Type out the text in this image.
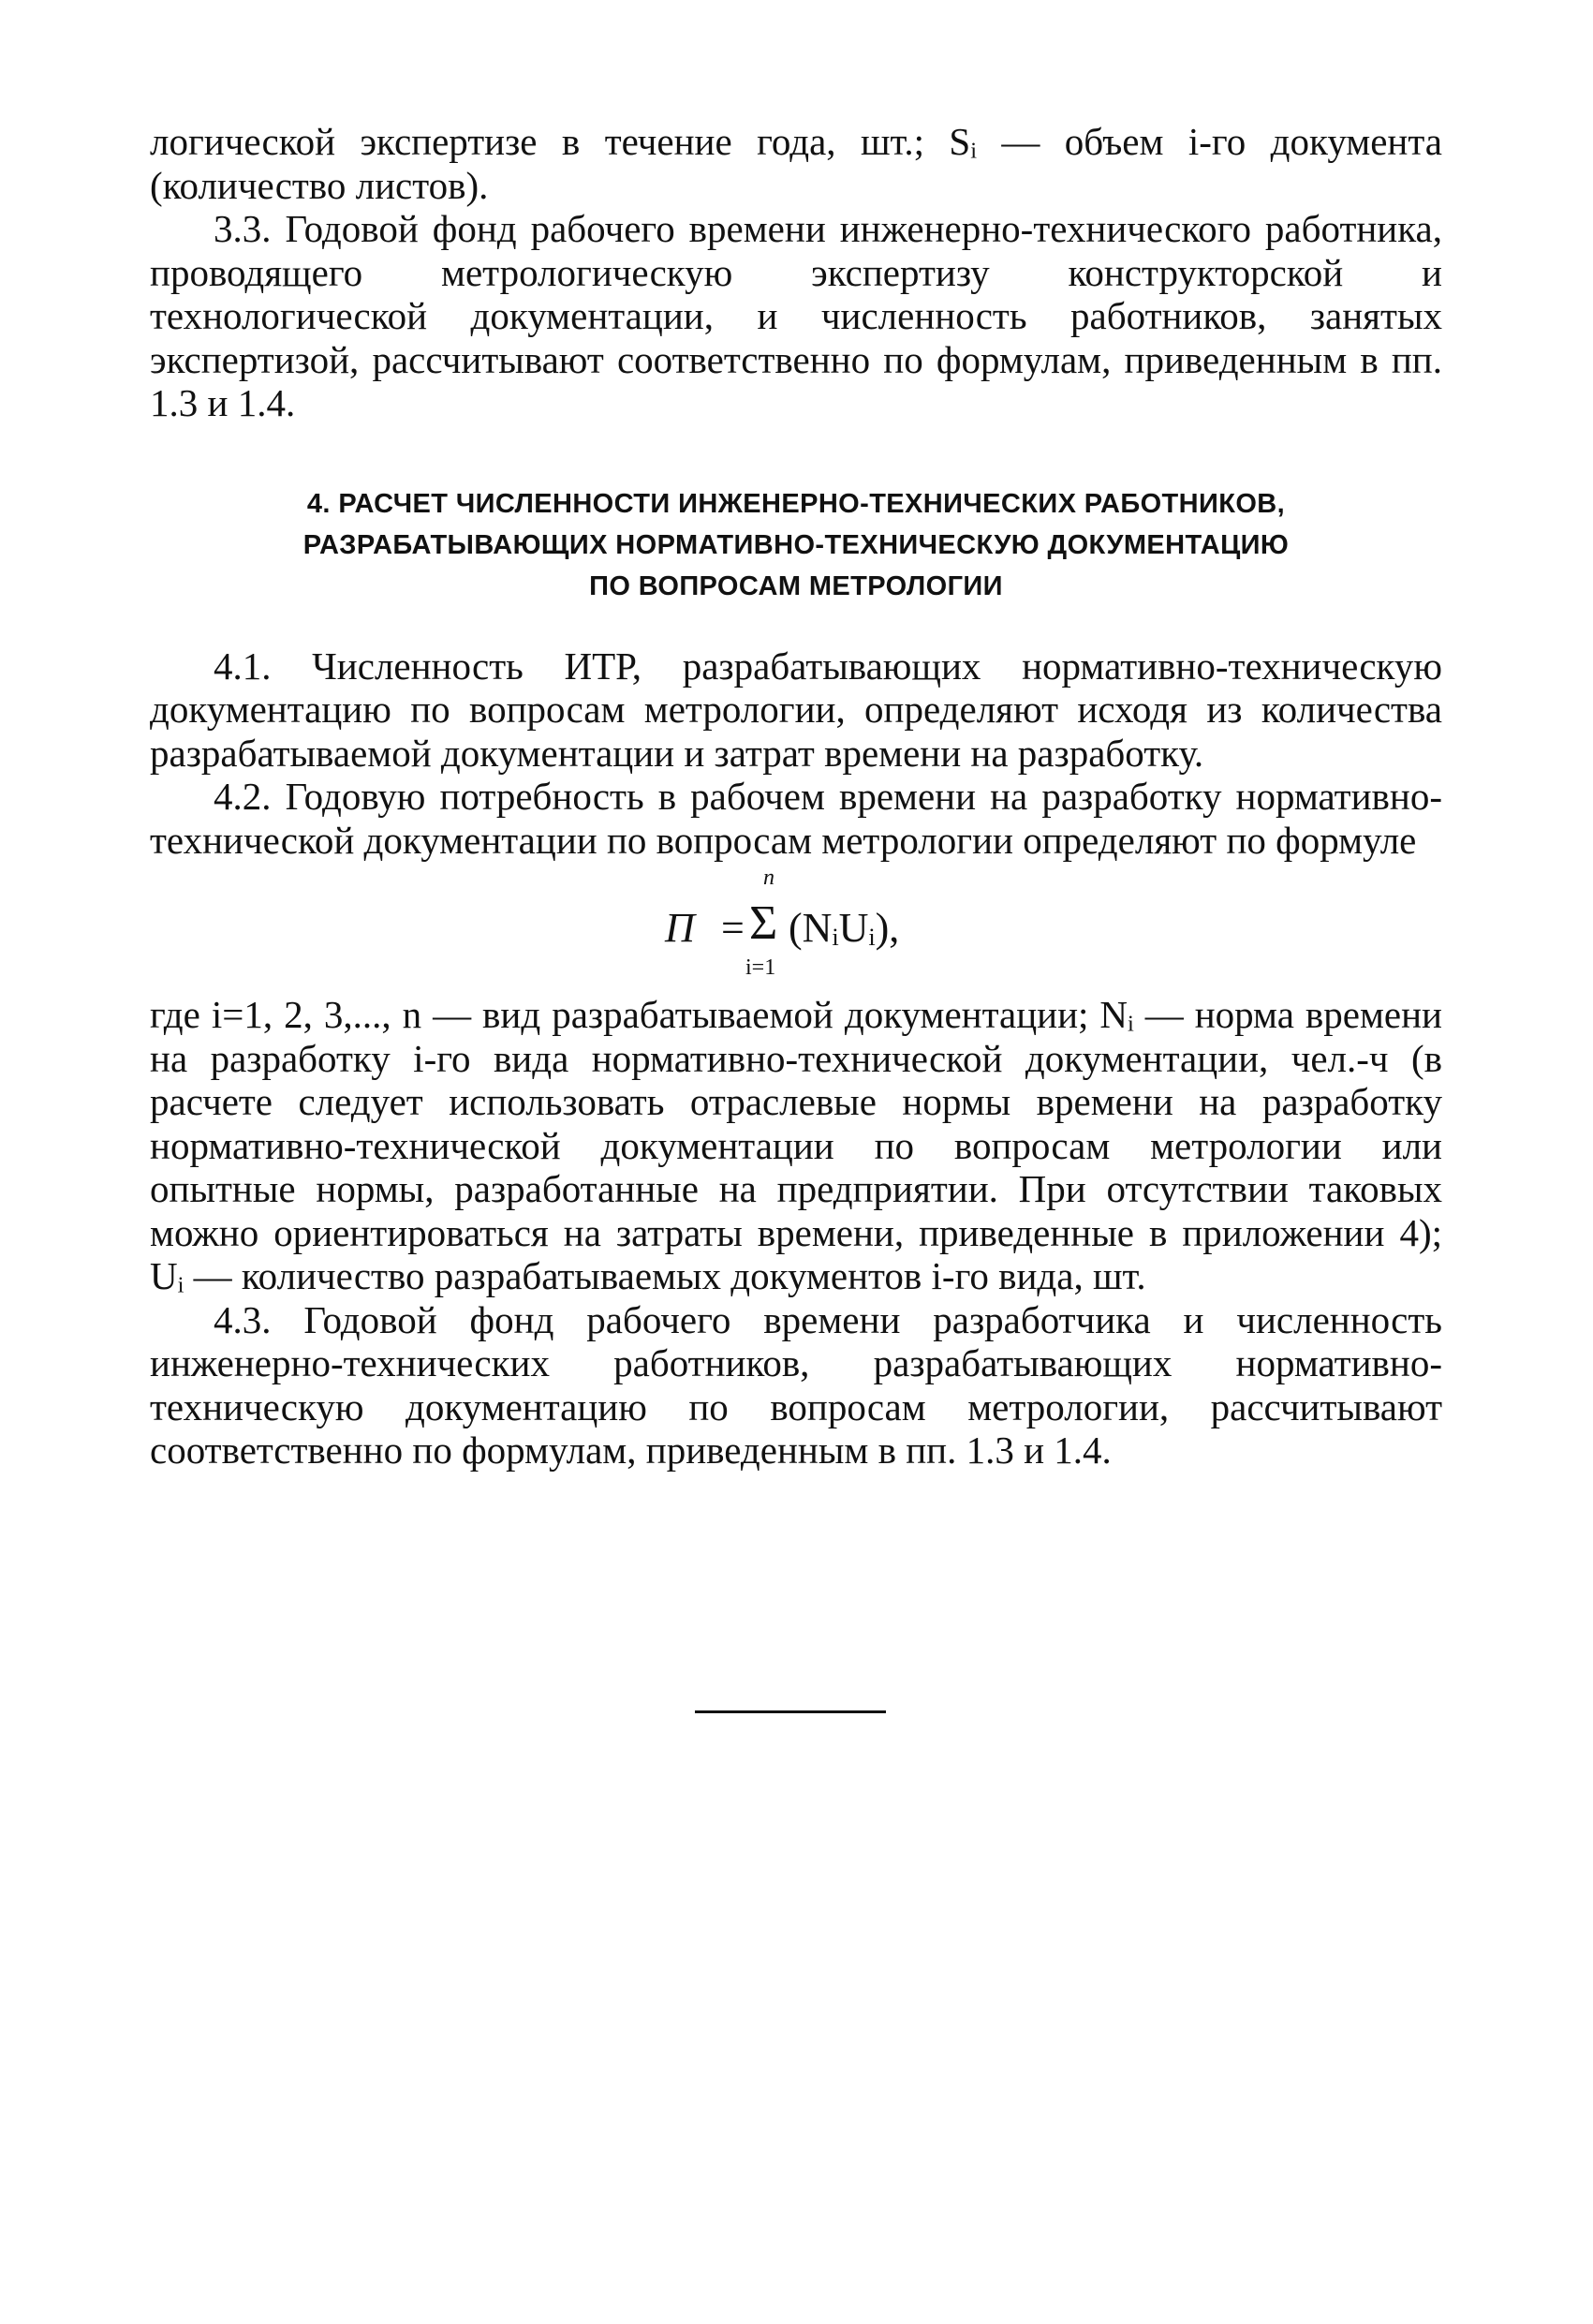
логической экспертизе в течение года, шт.; Sᵢ — объем i-го документа (количество листов).

3.3. Годовой фонд рабочего времени инженерно-технического работника, проводящего метрологическую экспертизу конструкторской и технологической документации, и численность работников, занятых экспертизой, рассчитывают соответственно по формулам, приведенным в пп. 1.3 и 1.4.

4. РАСЧЕТ ЧИСЛЕННОСТИ ИНЖЕНЕРНО-ТЕХНИЧЕСКИХ РАБОТНИКОВ,
РАЗРАБАТЫВАЮЩИХ НОРМАТИВНО-ТЕХНИЧЕСКУЮ ДОКУМЕНТАЦИЮ
ПО ВОПРОСАМ МЕТРОЛОГИИ

4.1. Численность ИТР, разрабатывающих нормативно-техническую документацию по вопросам метрологии, определяют исходя из количества разрабатываемой документации и затрат времени на разработку.

4.2. Годовую потребность в рабочем времени на разработку нормативно-технической документации по вопросам метрологии определяют по формуле

П =
n
Σ
i=1
(NᵢUᵢ),

где i=1, 2, 3,..., n — вид разрабатываемой документации; Nᵢ — норма времени на разработку i-го вида нормативно-технической документации, чел.-ч (в расчете следует использовать отраслевые нормы времени на разработку нормативно-технической документации по вопросам метрологии или опытные нормы, разработанные на предприятии. При отсутствии таковых можно ориентироваться на затраты времени, приведенные в приложении 4); Uᵢ — количество разрабатываемых документов i-го вида, шт.

4.3. Годовой фонд рабочего времени разработчика и численность инженерно-технических работников, разрабатывающих нормативно-техническую документацию по вопросам метрологии, рассчитывают соответственно по формулам, приведенным в пп. 1.3 и 1.4.
